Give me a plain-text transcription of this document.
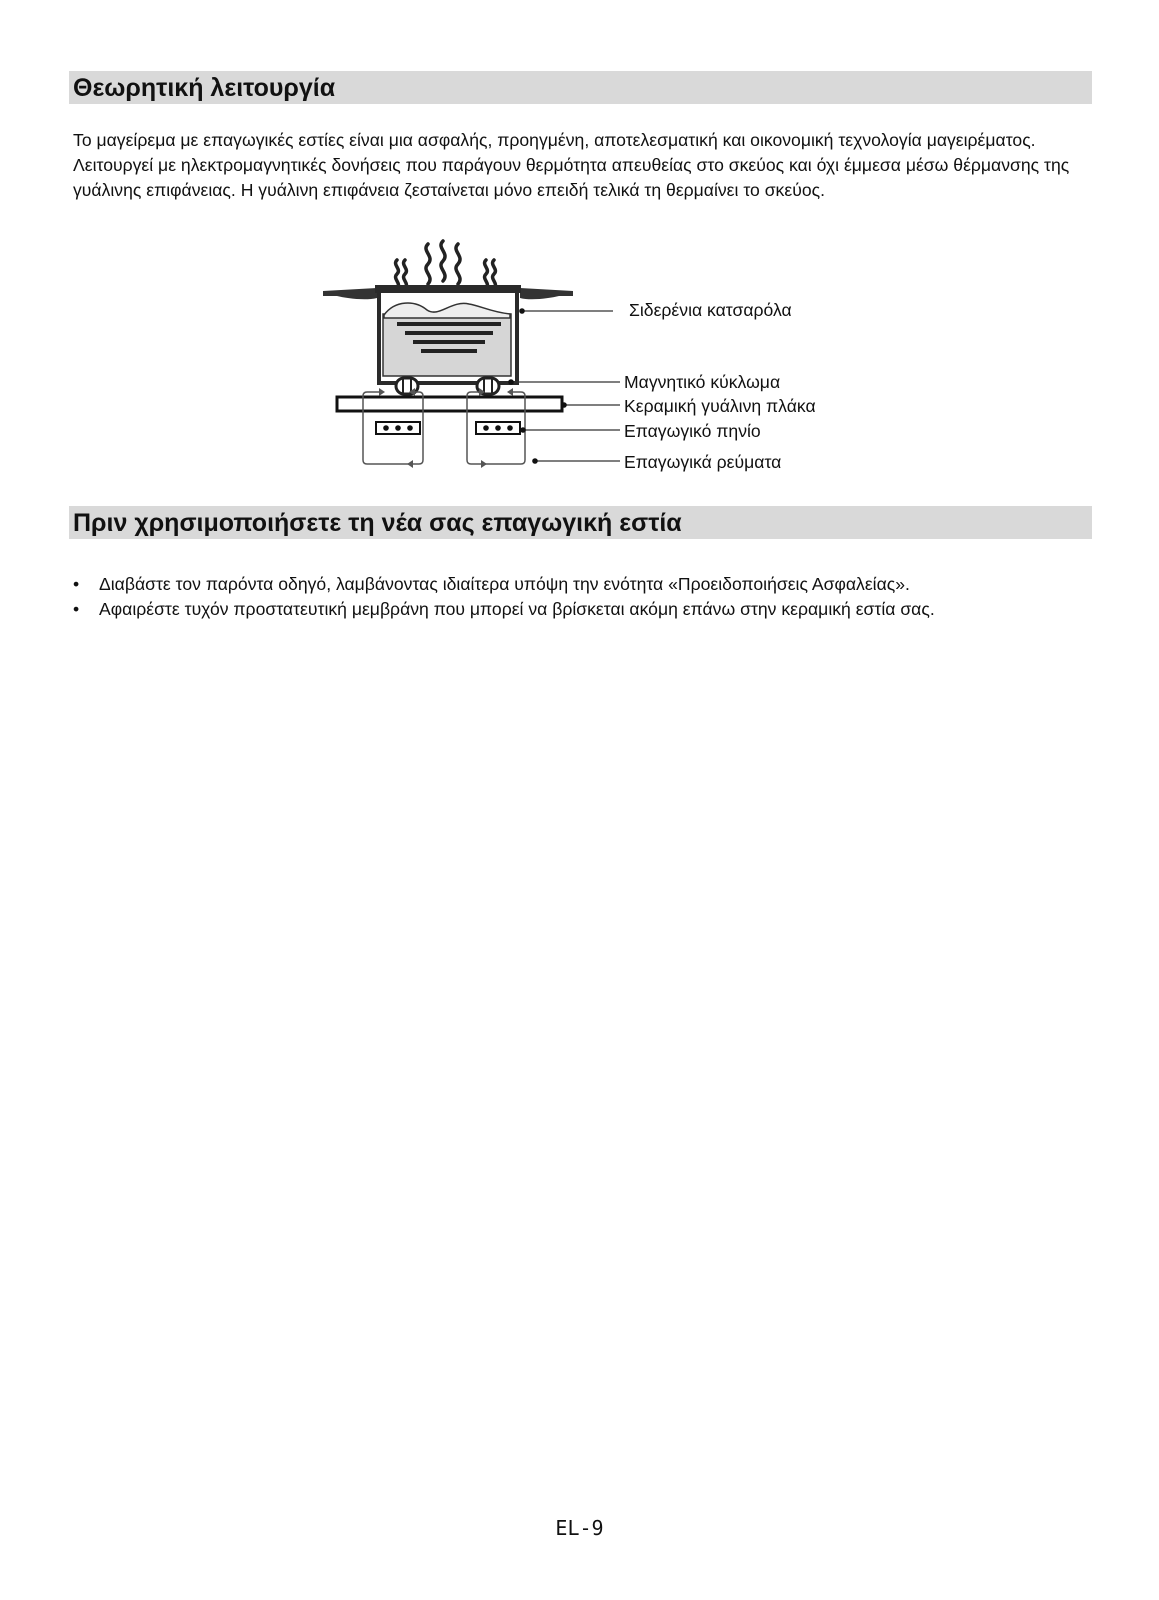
Θεωρητική λειτουργία

Το μαγείρεμα με επαγωγικές εστίες είναι μια ασφαλής, προηγμένη, αποτελεσματική και οικονομική τεχνολογία μαγειρέματος. Λειτουργεί με ηλεκτρομαγνητικές δονήσεις που παράγουν θερμότητα απευθείας στο σκεύος και όχι έμμεσα μέσω θέρμανσης της γυάλινης επιφάνειας. Η γυάλινη επιφάνεια ζεσταίνεται μόνο επειδή τελικά τη θερμαίνει το σκεύος.

Σιδερένια κατσαρόλα
Μαγνητικό κύκλωμα
Κεραμική γυάλινη πλάκα
Επαγωγικό πηνίο
Επαγωγικά ρεύματα
Πριν χρησιμοποιήσετε τη νέα σας επαγωγική εστία
• Διαβάστε τον παρόντα οδηγό, λαμβάνοντας ιδιαίτερα υπόψη την ενότητα «Προειδοποιήσεις Ασφαλείας».
• Αφαιρέστε τυχόν προστατευτική μεμβράνη που μπορεί να βρίσκεται ακόμη επάνω στην κεραμική εστία σας.
EL-9
